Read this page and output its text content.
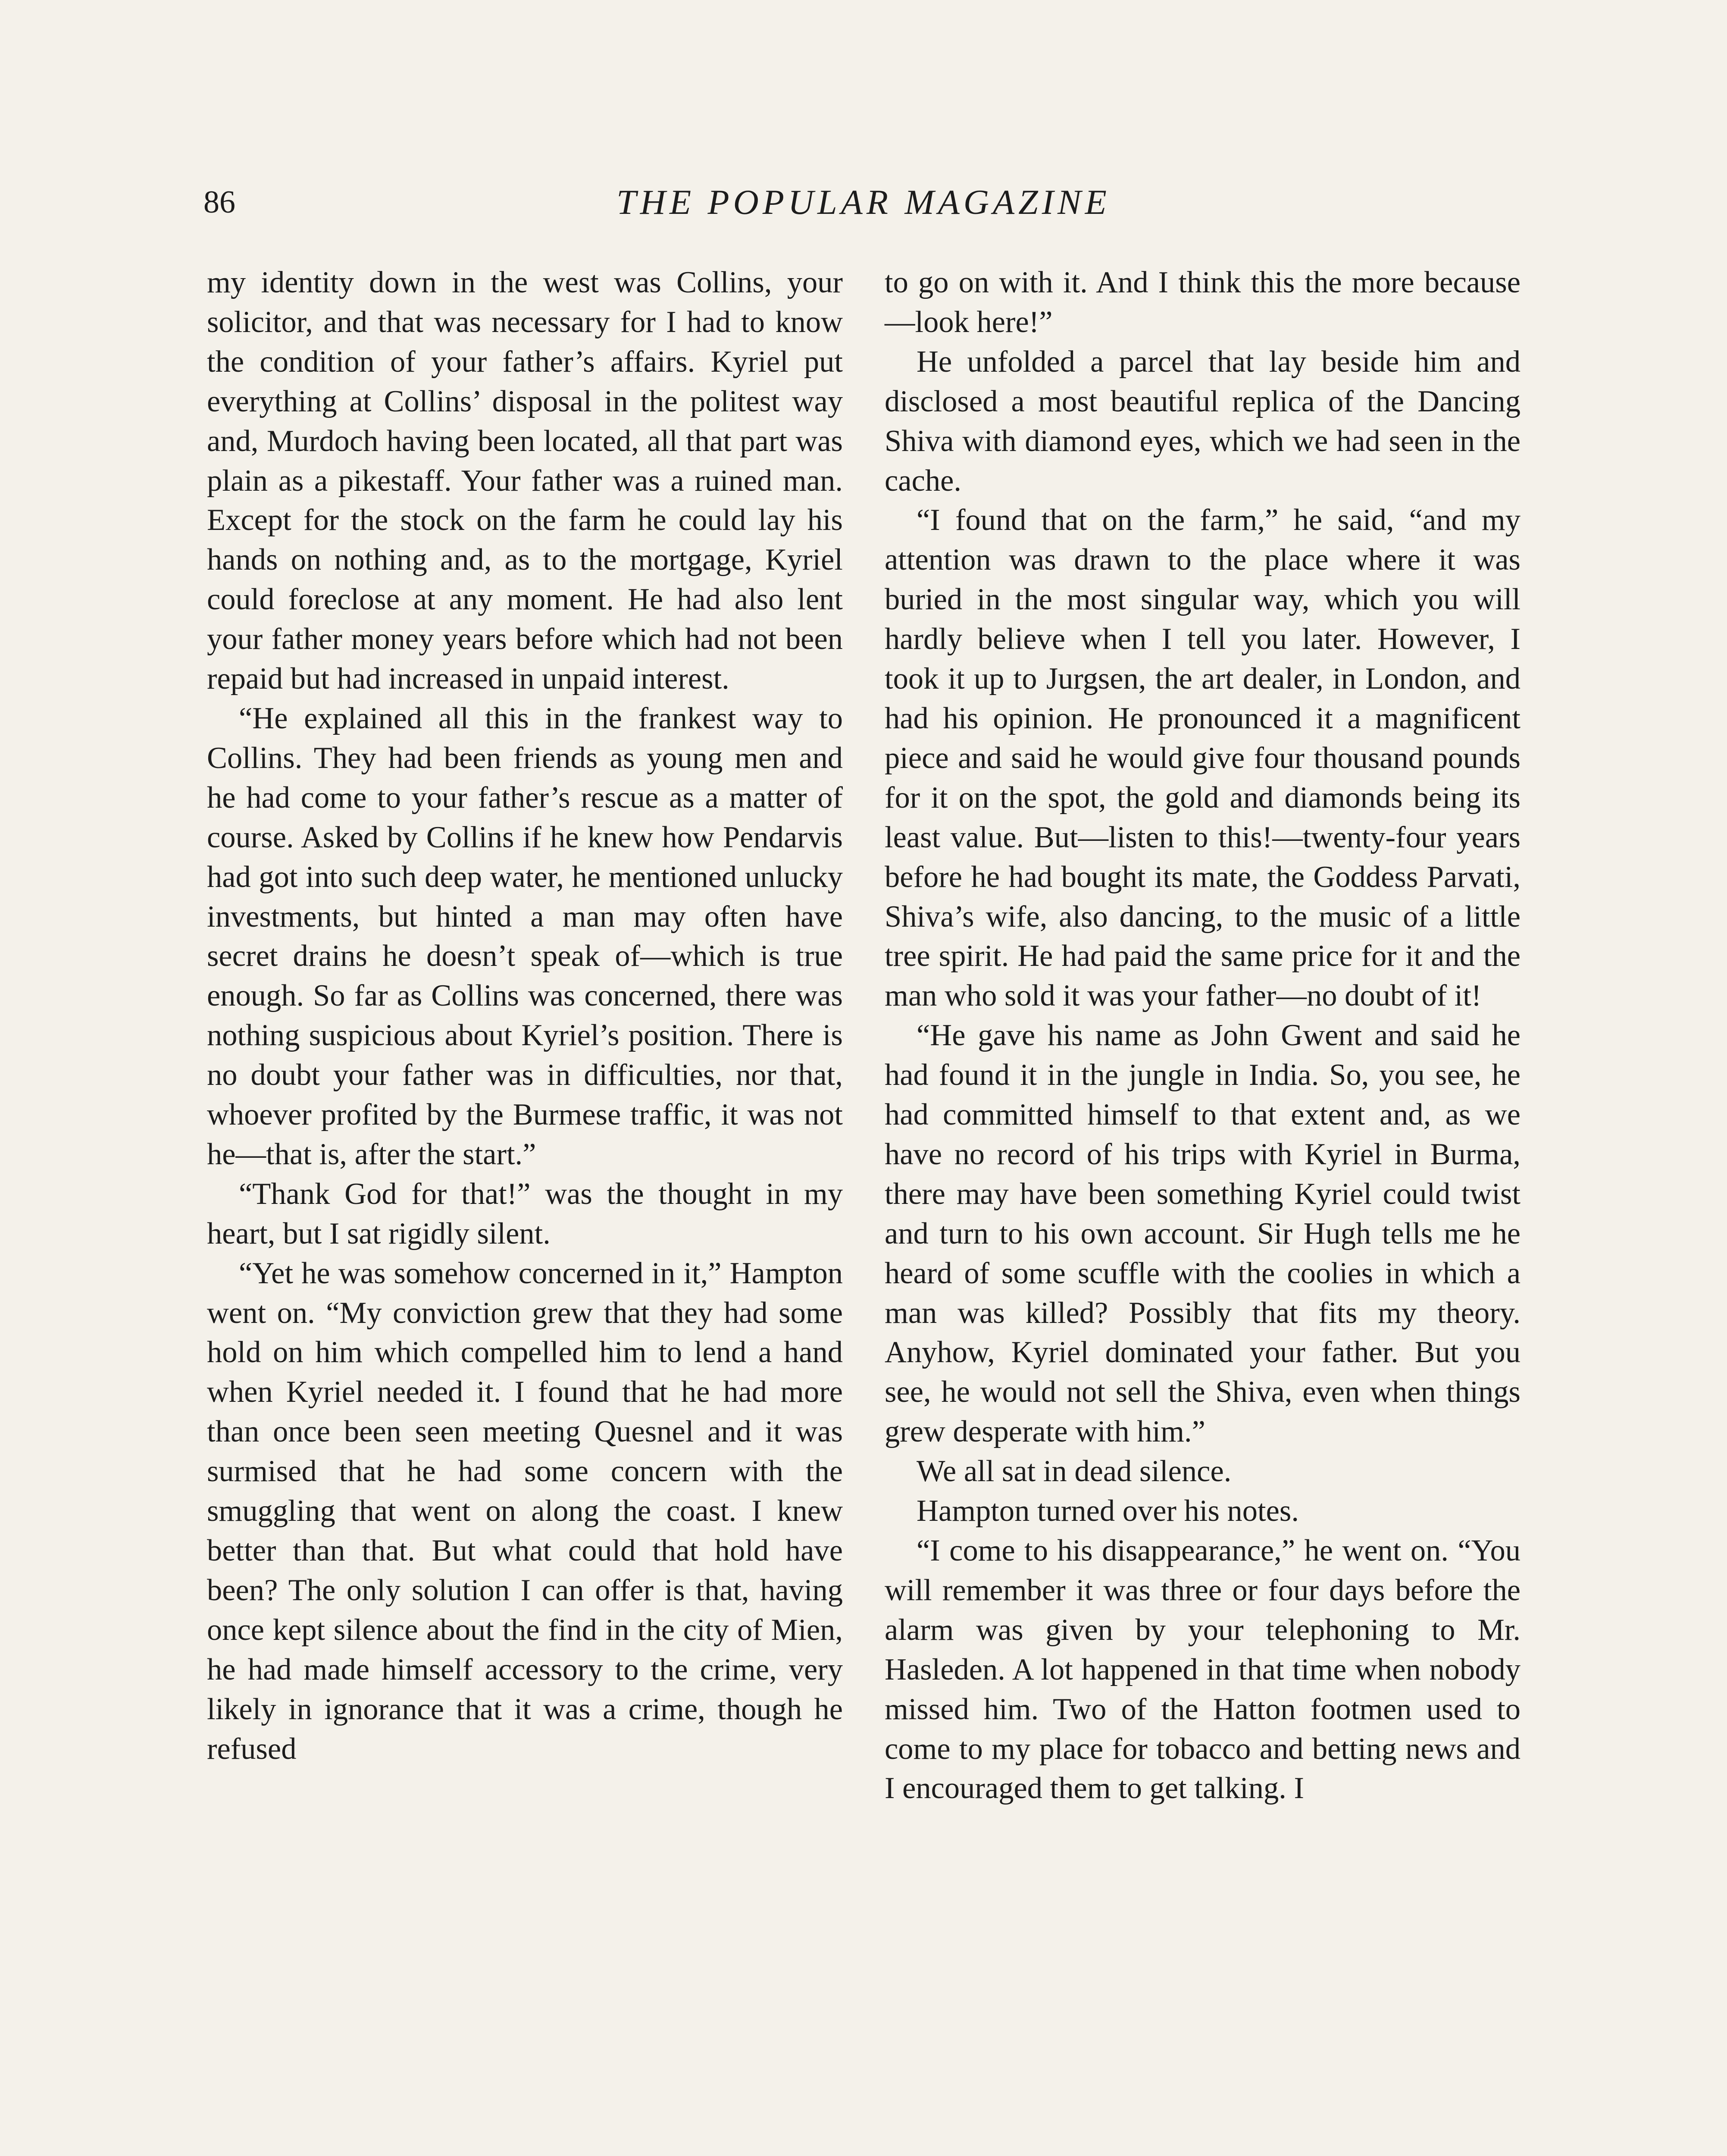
86	THE POPULAR MAGAZINE

my identity down in the west was Collins, your solicitor, and that was necessary for I had to know the condition of your father’s affairs. Kyriel put everything at Collins’ disposal in the politest way and, Murdoch having been located, all that part was plain as a pikestaff. Your father was a ruined man. Except for the stock on the farm he could lay his hands on nothing and, as to the mortgage, Kyriel could foreclose at any moment. He had also lent your father money years before which had not been repaid but had increased in unpaid interest.

“He explained all this in the frankest way to Collins. They had been friends as young men and he had come to your father’s rescue as a matter of course. Asked by Collins if he knew how Pendarvis had got into such deep water, he mentioned unlucky investments, but hinted a man may often have secret drains he doesn’t speak of—which is true enough. So far as Collins was concerned, there was nothing suspicious about Kyriel’s position. There is no doubt your father was in difficulties, nor that, whoever profited by the Burmese traffic, it was not he—that is, after the start.”

“Thank God for that!” was the thought in my heart, but I sat rigidly silent.

“Yet he was somehow concerned in it,” Hampton went on. “My conviction grew that they had some hold on him which compelled him to lend a hand when Kyriel needed it. I found that he had more than once been seen meeting Quesnel and it was surmised that he had some concern with the smuggling that went on along the coast. I knew better than that. But what could that hold have been? The only solution I can offer is that, having once kept silence about the find in the city of Mien, he had made himself accessory to the crime, very likely in ignorance that it was a crime, though he refused

to go on with it. And I think this the more because—look here!”

He unfolded a parcel that lay beside him and disclosed a most beautiful replica of the Dancing Shiva with diamond eyes, which we had seen in the cache.

“I found that on the farm,” he said, “and my attention was drawn to the place where it was buried in the most singular way, which you will hardly believe when I tell you later. However, I took it up to Jurgsen, the art dealer, in London, and had his opinion. He pronounced it a magnificent piece and said he would give four thousand pounds for it on the spot, the gold and diamonds being its least value. But—listen to this!—twenty-four years before he had bought its mate, the Goddess Parvati, Shiva’s wife, also dancing, to the music of a little tree spirit. He had paid the same price for it and the man who sold it was your father—no doubt of it!

“He gave his name as John Gwent and said he had found it in the jungle in India. So, you see, he had committed himself to that extent and, as we have no record of his trips with Kyriel in Burma, there may have been something Kyriel could twist and turn to his own account. Sir Hugh tells me he heard of some scuffle with the coolies in which a man was killed? Possibly that fits my theory. Anyhow, Kyriel dominated your father. But you see, he would not sell the Shiva, even when things grew desperate with him.”

We all sat in dead silence.

Hampton turned over his notes.

“I come to his disappearance,” he went on. “You will remember it was three or four days before the alarm was given by your telephoning to Mr. Hasleden. A lot happened in that time when nobody missed him. Two of the Hatton footmen used to come to my place for tobacco and betting news and I encouraged them to get talking. I
